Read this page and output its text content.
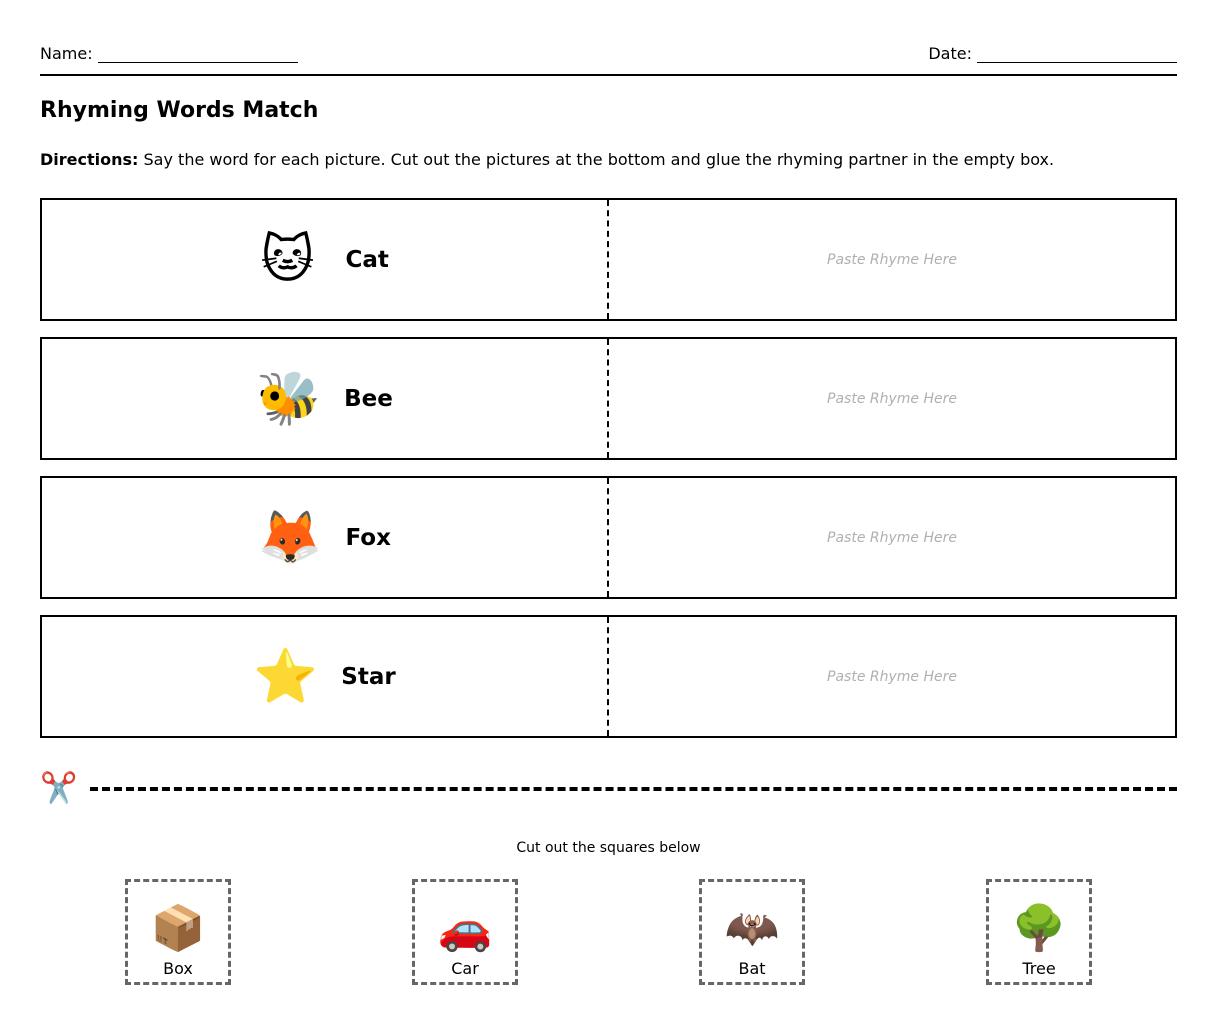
Name:	Date:
Rhyming Words Match

Directions: Say the word for each picture. Cut out the pictures at the bottom and glue the rhyming partner in the empty box.

🐱 Cat	Paste Rhyme Here
🐝 Bee	Paste Rhyme Here
🦊 Fox	Paste Rhyme Here
⭐ Star	Paste Rhyme Here
✂️
Cut out the squares below
📦
Box
🚗
Car
🦇
Bat
🌳
Tree
